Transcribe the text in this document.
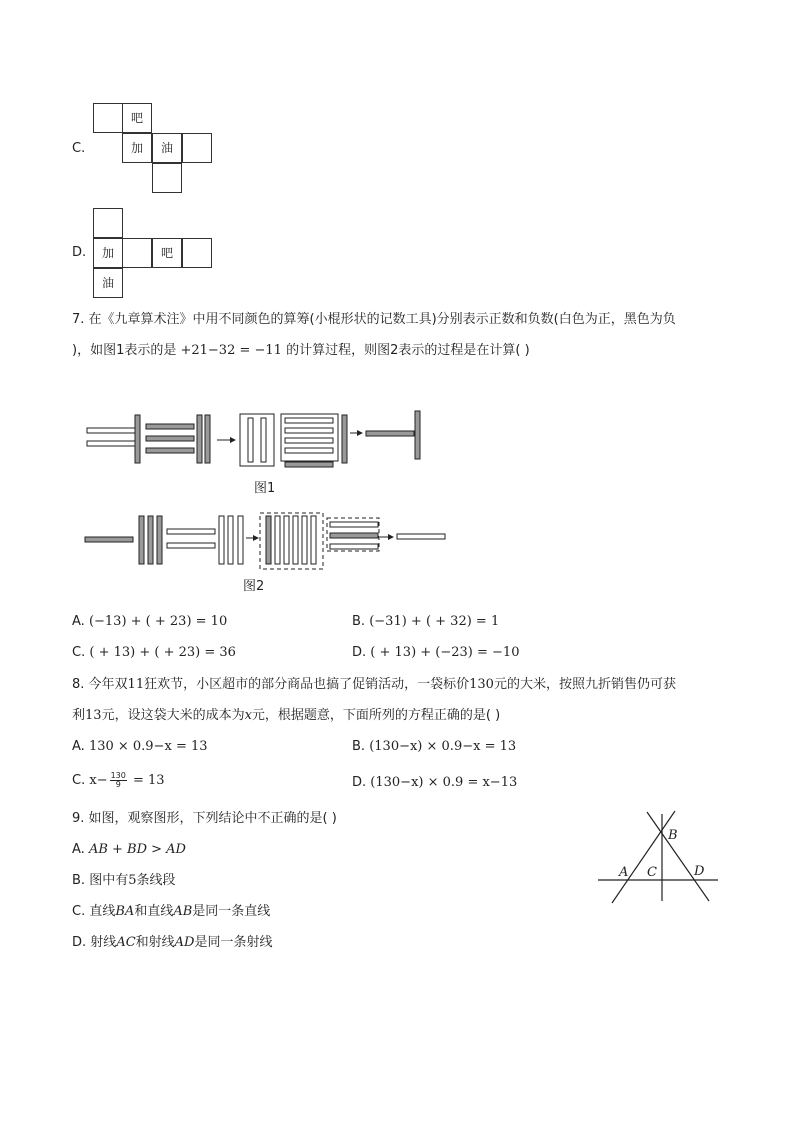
C.
吧
加	油
D.	加	吧
油
7. 在《九章算术注》中用不同颜色的算筹(小棍形状的记数工具)分别表示正数和负数(白色为正，黑色为负
)，如图1表示的是 +21−32 = −11 的计算过程，则图2表示的过程是在计算( )
图1
图2
A. (−13) + ( + 23) = 10	B. (−31) + ( + 32) = 1
C. ( + 13) + ( + 23) = 36	D. ( + 13) + (−23) = −10
8. 今年双11狂欢节，小区超市的部分商品也搞了促销活动，一袋标价130元的大米，按照九折销售仍可获
利13元，设这袋大米的成本为x元，根据题意，下面所列的方程正确的是( )
A. 130 × 0.9−x = 13	B. (130−x) × 0.9−x = 13
C. $x- \frac{130}{9} = 13$	D. (130−x) × 0.9 = x−13
9. 如图，观察图形，下列结论中不正确的是( )
A. AB + BD > AD
B. 图中有5条线段
C. 直线BA和直线AB是同一条直线
D. 射线AC和射线AD是同一条射线
A
B
C	D
